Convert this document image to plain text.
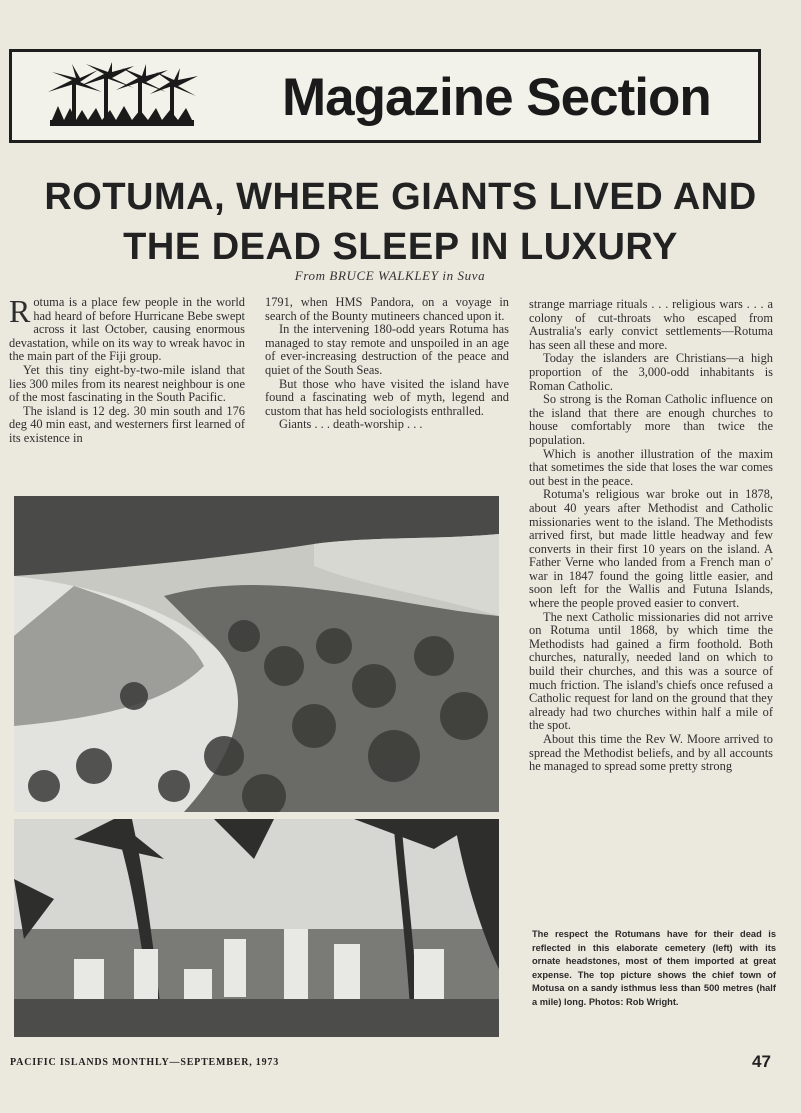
Magazine Section
ROTUMA, WHERE GIANTS LIVED AND
THE DEAD SLEEP IN LUXURY
From BRUCE WALKLEY in Suva

Rotuma is a place few people in the world had heard of before Hurricane Bebe swept across it last October, causing enormous devastation, while on its way to wreak havoc in the main part of the Fiji group.

Yet this tiny eight-by-two-mile island that lies 300 miles from its nearest neighbour is one of the most fascinating in the South Pacific.

The island is 12 deg. 30 min south and 176 deg 40 min east, and westerners first learned of its existence in

1791, when HMS Pandora, on a voyage in search of the Bounty mutineers chanced upon it.

In the intervening 180-odd years Rotuma has managed to stay remote and unspoiled in an age of ever-increasing destruction of the peace and quiet of the South Seas.

But those who have visited the island have found a fascinating web of myth, legend and custom that has held sociologists enthralled.

Giants . . . death-worship . . .

strange marriage rituals . . . religious wars . . . a colony of cut-throats who escaped from Australia's early convict settlements—Rotuma has seen all these and more.

Today the islanders are Christians—a high proportion of the 3,000-odd inhabitants is Roman Catholic.

So strong is the Roman Catholic influence on the island that there are enough churches to house comfortably more than twice the population.

Which is another illustration of the maxim that sometimes the side that loses the war comes out best in the peace.

Rotuma's religious war broke out in 1878, about 40 years after Methodist and Catholic missionaries went to the island. The Methodists arrived first, but made little headway and few converts in their first 10 years on the island. A Father Verne who landed from a French man o' war in 1847 found the going little easier, and soon left for the Wallis and Futuna Islands, where the people proved easier to convert.

The next Catholic missionaries did not arrive on Rotuma until 1868, by which time the Methodists had gained a firm foothold. Both churches, naturally, needed land on which to build their churches, and this was a source of much friction. The island's chiefs once refused a Catholic request for land on the ground that they already had two churches within half a mile of the spot.

About this time the Rev W. Moore arrived to spread the Methodist beliefs, and by all accounts he managed to spread some pretty strong

The respect the Rotumans have for their dead is reflected in this elaborate cemetery (left) with its ornate headstones, most of them imported at great expense. The top picture shows the chief town of Motusa on a sandy isthmus less than 500 metres (half a mile) long. Photos: Rob Wright.
PACIFIC ISLANDS MONTHLY—SEPTEMBER, 1973	47
